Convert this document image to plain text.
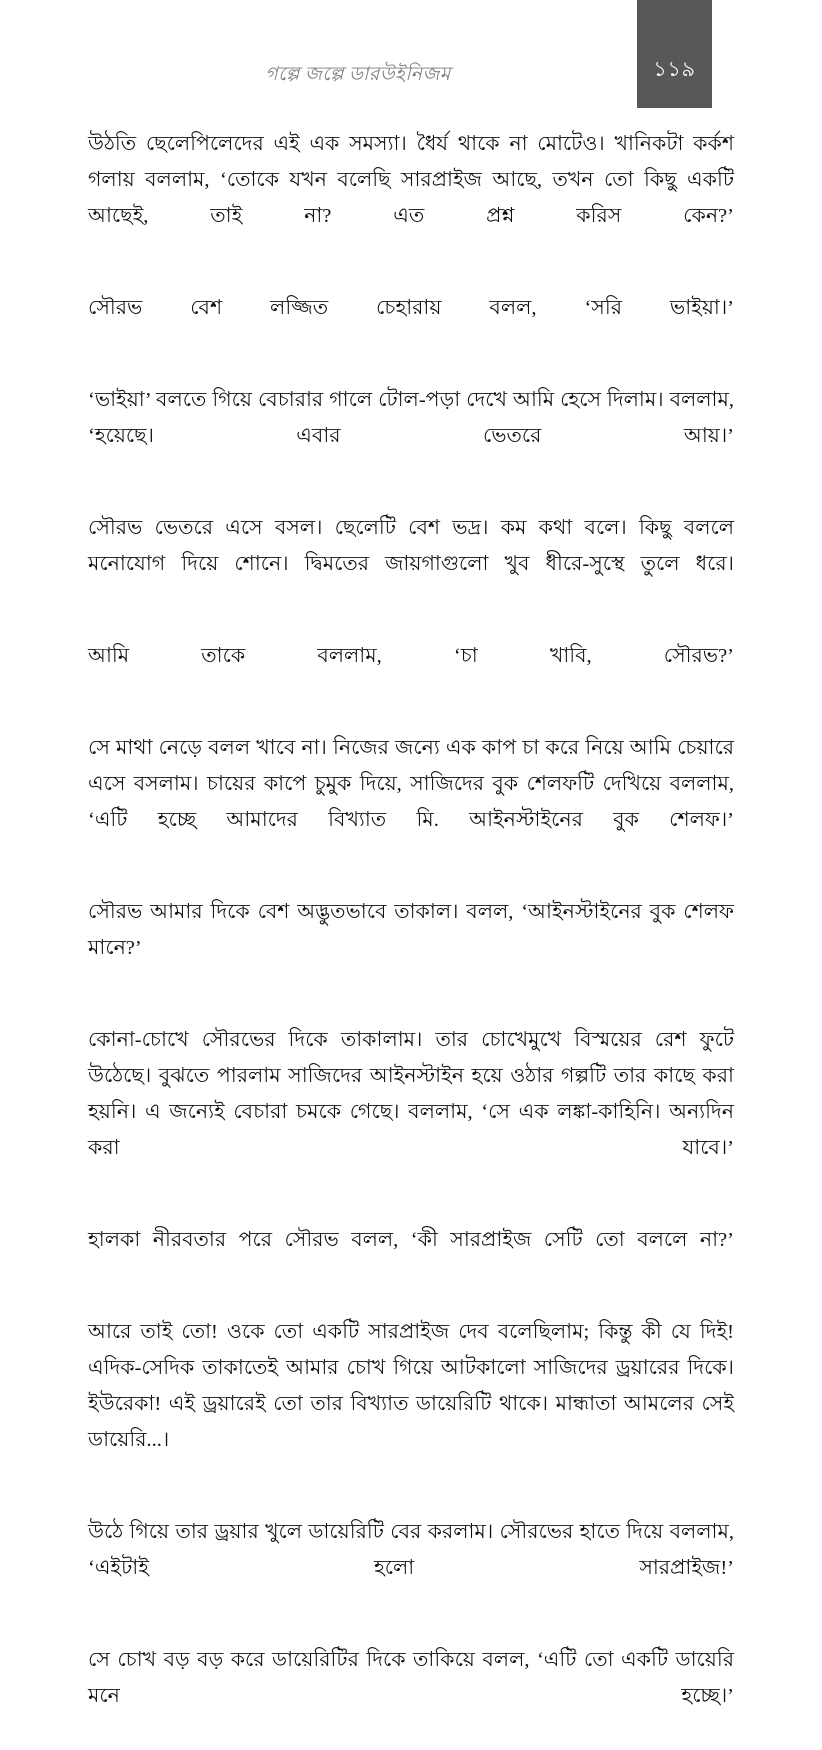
১১৯
গল্পে জল্পে ডারউইনিজম

উঠতি ছেলেপিলেদের এই এক সমস্যা। ধৈর্য থাকে না মোটেও। খানিকটা কর্কশ গলায় বললাম, ‘তোকে যখন বলেছি সারপ্রাইজ আছে, তখন তো কিছু একটি আছেই, তাই না? এত প্রশ্ন করিস কেন?’

সৌরভ বেশ লজ্জিত চেহারায় বলল, ‘সরি ভাইয়া।’

‘ভাইয়া’ বলতে গিয়ে বেচারার গালে টোল-পড়া দেখে আমি হেসে দিলাম। বললাম, ‘হয়েছে। এবার ভেতরে আয়।’

সৌরভ ভেতরে এসে বসল। ছেলেটি বেশ ভদ্র। কম কথা বলে। কিছু বললে মনোযোগ দিয়ে শোনে। দ্বিমতের জায়গাগুলো খুব ধীরে-সুস্থে তুলে ধরে।

আমি তাকে বললাম, ‘চা খাবি, সৌরভ?’

সে মাথা নেড়ে বলল খাবে না। নিজের জন্যে এক কাপ চা করে নিয়ে আমি চেয়ারে এসে বসলাম। চায়ের কাপে চুমুক দিয়ে, সাজিদের বুক শেলফটি দেখিয়ে বললাম, ‘এটি হচ্ছে আমাদের বিখ্যাত মি. আইনস্টাইনের বুক শেলফ।’

সৌরভ আমার দিকে বেশ অদ্ভুতভাবে তাকাল। বলল, ‘আইনস্টাইনের বুক শেলফ মানে?’

কোনা-চোখে সৌরভের দিকে তাকালাম। তার চোখেমুখে বিস্ময়ের রেশ ফুটে উঠেছে। বুঝতে পারলাম সাজিদের আইনস্টাইন হয়ে ওঠার গল্পটি তার কাছে করা হয়নি। এ জন্যেই বেচারা চমকে গেছে। বললাম, ‘সে এক লঙ্কা-কাহিনি। অন্যদিন করা যাবে।’

হালকা নীরবতার পরে সৌরভ বলল, ‘কী সারপ্রাইজ সেটি তো বললে না?’

আরে তাই তো! ওকে তো একটি সারপ্রাইজ দেব বলেছিলাম; কিন্তু কী যে দিই! এদিক-সেদিক তাকাতেই আমার চোখ গিয়ে আটকালো সাজিদের ড্রয়ারের দিকে। ইউরেকা! এই ড্রয়ারেই তো তার বিখ্যাত ডায়েরিটি থাকে। মান্ধাতা আমলের সেই ডায়েরি...।

উঠে গিয়ে তার ড্রয়ার খুলে ডায়েরিটি বের করলাম। সৌরভের হাতে দিয়ে বললাম, ‘এইটাই হলো সারপ্রাইজ!’

সে চোখ বড় বড় করে ডায়েরিটির দিকে তাকিয়ে বলল, ‘এটি তো একটি ডায়েরি মনে হচ্ছে।’
